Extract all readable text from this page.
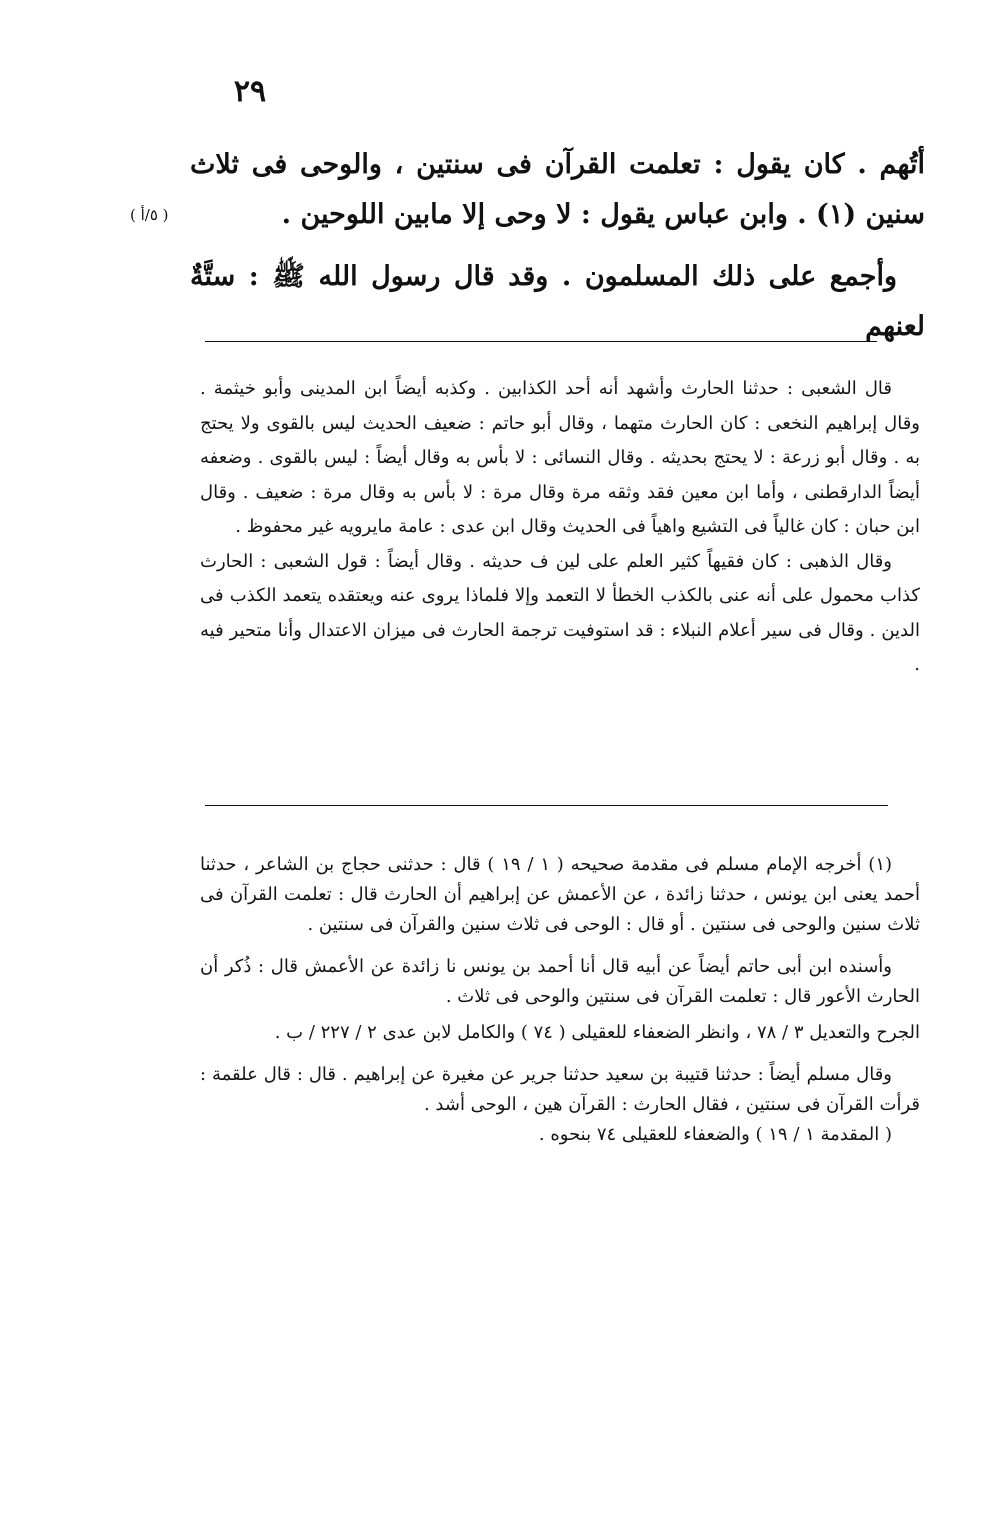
٢٩
( ٥/أ )

أتُهم . كان يقول : تعلمت القرآن فى سنتين ، والوحى فى ثلاث سنين (١) . وابن عباس يقول : لا وحى إلا مابين اللوحين .

وأجمع على ذلك المسلمون . وقد قال رسول الله ﷺ : ستَّةٌ لعنهم

قال الشعبى : حدثنا الحارث وأشهد أنه أحد الكذابين . وكذبه أيضاً ابن المدينى وأبو خيثمة . وقال إبراهيم النخعى : كان الحارث متهما ، وقال أبو حاتم : ضعيف الحديث ليس بالقوى ولا يحتج به . وقال أبو زرعة : لا يحتج بحديثه . وقال النسائى : لا بأس به وقال أيضاً : ليس بالقوى . وضعفه أيضاً الدارقطنى ، وأما ابن معين فقد وثقه مرة وقال مرة : لا بأس به وقال مرة : ضعيف . وقال ابن حبان : كان غالياً فى التشيع واهياً فى الحديث وقال ابن عدى : عامة مايرويه غير محفوظ .

وقال الذهبى : كان فقيهاً كثير العلم على لين ف حديثه . وقال أيضاً : قول الشعبى : الحارث كذاب محمول على أنه عنى بالكذب الخطأ لا التعمد وإلا فلماذا يروى عنه ويعتقده يتعمد الكذب فى الدين . وقال فى سير أعلام النبلاء : قد استوفيت ترجمة الحارث فى ميزان الاعتدال وأنا متحير فيه .

(١) أخرجه الإمام مسلم فى مقدمة صحيحه ( ١ / ١٩ ) قال : حدثنى حجاج بن الشاعر ، حدثنا أحمد يعنى ابن يونس ، حدثنا زائدة ، عن الأعمش عن إبراهيم أن الحارث قال : تعلمت القرآن فى ثلاث سنين والوحى فى سنتين . أو قال : الوحى فى ثلاث سنين والقرآن فى سنتين .

وأسنده ابن أبى حاتم أيضاً عن أبيه قال أنا أحمد بن يونس نا زائدة عن الأعمش قال : ذُكر أن الحارث الأعور قال : تعلمت القرآن فى سنتين والوحى فى ثلاث .

الجرح والتعديل ٣ / ٧٨ ، وانظر الضعفاء للعقيلى ( ٧٤ ) والكامل لابن عدى ٢ / ٢٢٧ / ب .

وقال مسلم أيضاً : حدثنا قتيبة بن سعيد حدثنا جرير عن مغيرة عن إبراهيم . قال : قال علقمة : قرأت القرآن فى سنتين ، فقال الحارث : القرآن هين ، الوحى أشد .

( المقدمة ١ / ١٩ ) والضعفاء للعقيلى ٧٤ بنحوه .
